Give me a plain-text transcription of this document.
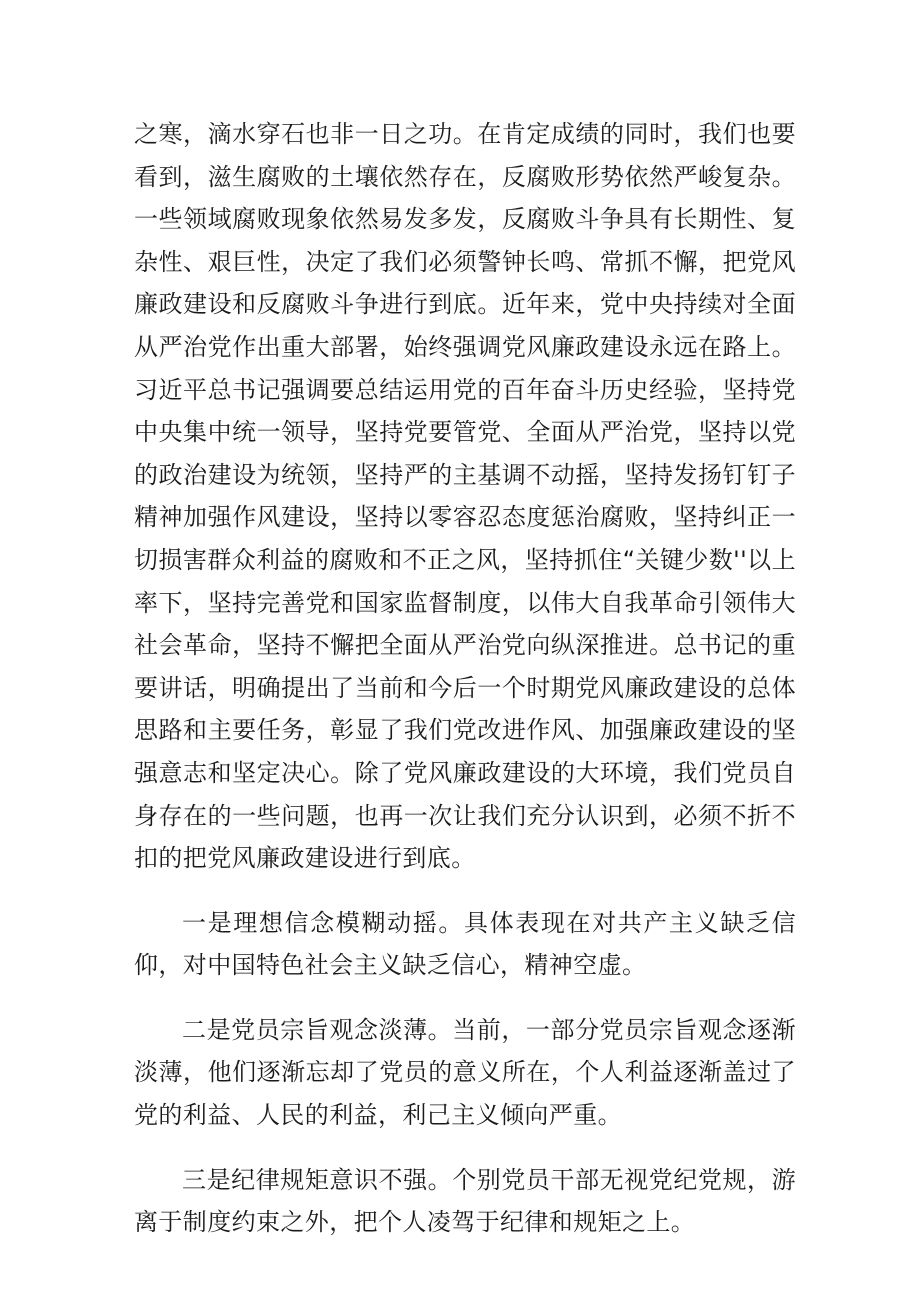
之寒，滴水穿石也非一日之功。在肯定成绩的同时，我们也要看到，滋生腐败的土壤依然存在，反腐败形势依然严峻复杂。一些领域腐败现象依然易发多发，反腐败斗争具有长期性、复杂性、艰巨性，决定了我们必须警钟长鸣、常抓不懈，把党风廉政建设和反腐败斗争进行到底。近年来，党中央持续对全面从严治党作出重大部署，始终强调党风廉政建设永远在路上。习近平总书记强调要总结运用党的百年奋斗历史经验，坚持党中央集中统一领导，坚持党要管党、全面从严治党，坚持以党的政治建设为统领，坚持严的主基调不动摇，坚持发扬钉钉子精神加强作风建设，坚持以零容忍态度惩治腐败，坚持纠正一切损害群众利益的腐败和不正之风，坚持抓住“关键少数''以上率下，坚持完善党和国家监督制度，以伟大自我革命引领伟大社会革命，坚持不懈把全面从严治党向纵深推进。总书记的重要讲话，明确提出了当前和今后一个时期党风廉政建设的总体思路和主要任务，彰显了我们党改进作风、加强廉政建设的坚强意志和坚定决心。除了党风廉政建设的大环境，我们党员自身存在的一些问题，也再一次让我们充分认识到，必须不折不扣的把党风廉政建设进行到底。

一是理想信念模糊动摇。具体表现在对共产主义缺乏信仰，对中国特色社会主义缺乏信心，精神空虚。

二是党员宗旨观念淡薄。当前，一部分党员宗旨观念逐渐淡薄，他们逐渐忘却了党员的意义所在，个人利益逐渐盖过了党的利益、人民的利益，利己主义倾向严重。

三是纪律规矩意识不强。个别党员干部无视党纪党规，游离于制度约束之外，把个人凌驾于纪律和规矩之上。
